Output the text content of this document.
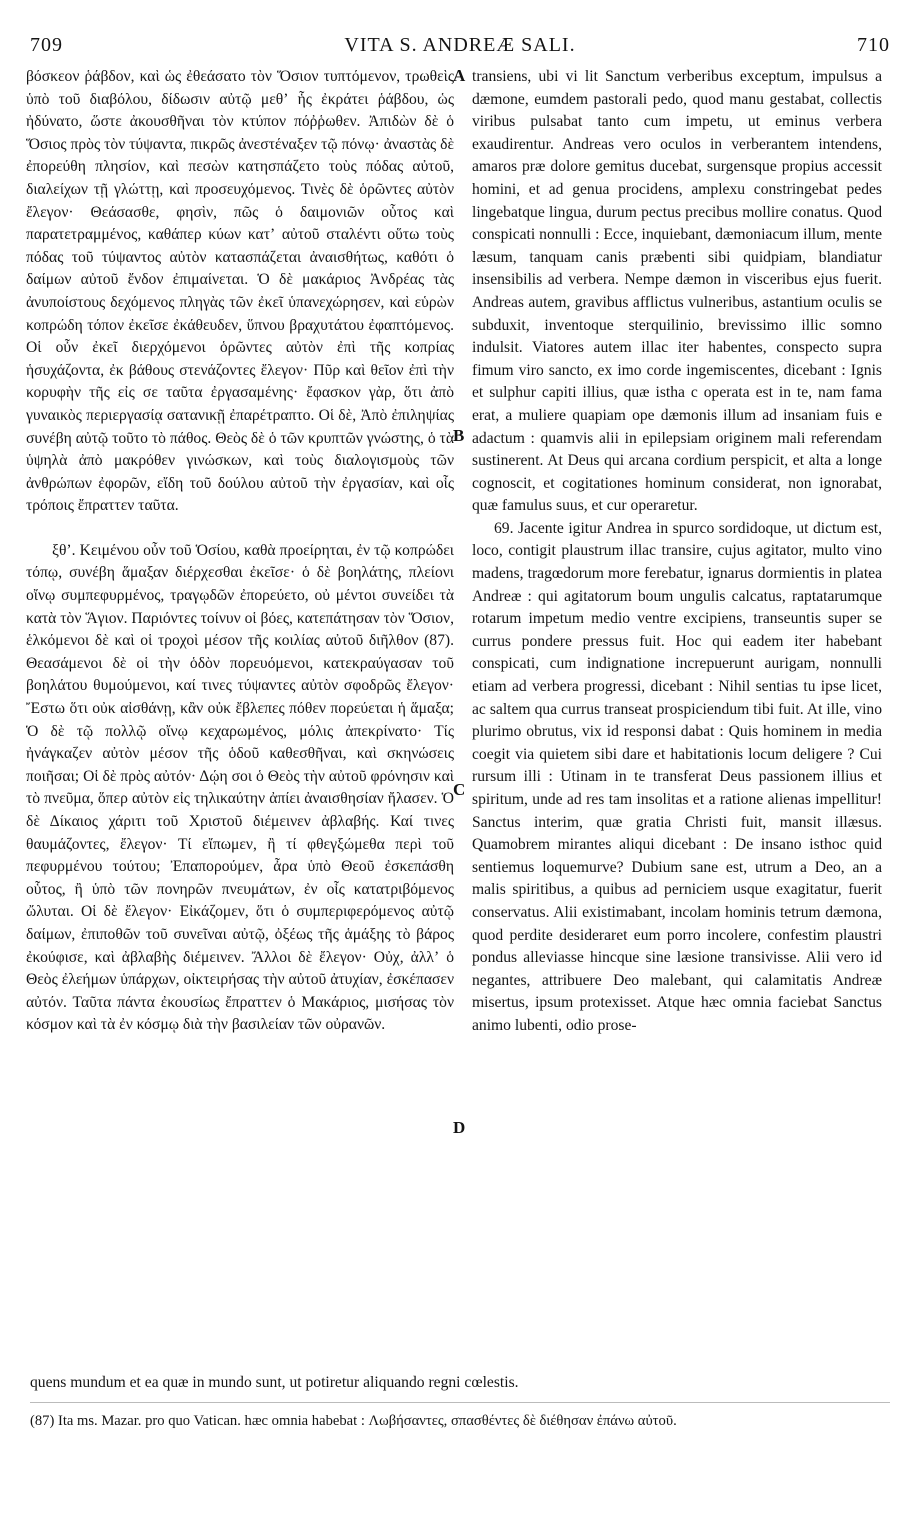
709	VITA S. ANDREÆ SALI.	710

βόσκεον ῥάβδον, καὶ ὡς ἐθεάσατο τὸν Ὅσιον τυπτόμενον, τρωθεὶς ὑπὸ τοῦ διαβόλου, δίδωσιν αὐτῷ μεθʼ ἧς ἐκράτει ῥάβδου, ὡς ἠδύνατο, ὥστε ἀκουσθῆναι τὸν κτύπον πόῤῥωθεν. Ἀπιδὼν δὲ ὁ Ὅσιος πρὸς τὸν τύψαντα, πικρῶς ἀνεστέναξεν τῷ πόνῳ· ἀναστὰς δὲ ἐπορεύθη πλησίον, καὶ πεσὼν κατησπάζετο τοὺς πόδας αὐτοῦ, διαλείχων τῇ γλώττῃ, καὶ προσευχόμενος. Τινὲς δὲ ὁρῶντες αὐτὸν ἔλεγον· Θεάσασθε, φησὶν, πῶς ὁ δαιμονιῶν οὗτος καὶ παρατετραμμένος, καθάπερ κύων κατʼ αὐτοῦ σταλέντι οὕτω τοὺς πόδας τοῦ τύψαντος αὐτὸν κατασπάζεται ἀναισθήτως, καθότι ὁ δαίμων αὐτοῦ ἔνδον ἐπιμαίνεται. Ὁ δὲ μακάριος Ἀνδρέας τὰς ἀνυποίστους δεχόμενος πληγὰς τῶν ἐκεῖ ὑπανεχώρησεν, καὶ εὑρὼν κοπρώδη τόπον ἐκεῖσε ἐκάθευδεν, ὕπνου βραχυτάτου ἐφαπτόμενος. Οἱ οὖν ἐκεῖ διερχόμενοι ὁρῶντες αὐτὸν ἐπὶ τῆς κοπρίας ἡσυχάζοντα, ἐκ βάθους στενάζοντες ἔλεγον· Πῦρ καὶ θεῖον ἐπὶ τὴν κορυφὴν τῆς εἰς σε ταῦτα ἐργασαμένης· ἔφασκον γὰρ, ὅτι ἀπὸ γυναικὸς περιεργασίᾳ σατανικῇ ἐπαρέτραπτο. Οἱ δὲ, Ἀπὸ ἐπιληψίας συνέβη αὐτῷ τοῦτο τὸ πάθος. Θεὸς δὲ ὁ τῶν κρυπτῶν γνώστης, ὁ τὰ ὑψηλὰ ἀπὸ μακρόθεν γινώσκων, καὶ τοὺς διαλογισμοὺς τῶν ἀνθρώπων ἐφορῶν, εἴδη τοῦ δούλου αὐτοῦ τὴν ἐργασίαν, καὶ οἷς τρόποις ἔπραττεν ταῦτα.

ξθʼ. Κειμένου οὖν τοῦ Ὁσίου, καθὰ προείρηται, ἐν τῷ κοπρώδει τόπῳ, συνέβη ἅμαξαν διέρχεσθαι ἐκεῖσε· ὁ δὲ βοηλάτης, πλείονι οἴνῳ συμπεφυρμένος, τραγῳδῶν ἐπορεύετο, οὐ μέντοι συνείδει τὰ κατὰ τὸν Ἅγιον. Παριόντες τοίνυν οἱ βόες, κατεπάτησαν τὸν Ὅσιον, ἑλκόμενοι δὲ καὶ οἱ τροχοὶ μέσον τῆς κοιλίας αὐτοῦ διῆλθον (87). Θεασάμενοι δὲ οἱ τὴν ὁδὸν πορευόμενοι, κατεκραύγασαν τοῦ βοηλάτου θυμούμενοι, καί τινες τύψαντες αὐτὸν σφοδρῶς ἔλεγον· Ἔστω ὅτι οὐκ αἰσθάνῃ, κἂν οὐκ ἔβλεπες πόθεν πορεύεται ἡ ἅμαξα; Ὁ δὲ τῷ πολλῷ οἴνῳ κεχαρωμένος, μόλις ἀπεκρίνατο· Τίς ἠνάγκαζεν αὐτὸν μέσον τῆς ὁδοῦ καθεσθῆναι, καὶ σκηνώσεις ποιῆσαι; Οἱ δὲ πρὸς αὐτόν· Δῴη σοι ὁ Θεὸς τὴν αὐτοῦ φρόνησιν καὶ τὸ πνεῦμα, ὅπερ αὐτὸν εἰς τηλικαύτην ἀπίει ἀναισθησίαν ἤλασεν. Ὁ δὲ Δίκαιος χάριτι τοῦ Χριστοῦ διέμεινεν ἀβλαβής. Καί τινες θαυμάζοντες, ἔλεγον· Τί εἴπωμεν, ἢ τί φθεγξώμεθα περὶ τοῦ πεφυρμένου τούτου; Ἐπαπορούμεν, ἆρα ὑπὸ Θεοῦ ἐσκεπάσθη οὗτος, ἢ ὑπὸ τῶν πονηρῶν πνευμάτων, ἐν οἷς κατατριβόμενος ὤλυται. Οἱ δὲ ἔλεγον· Εἰκάζομεν, ὅτι ὁ συμπεριφερόμενος αὐτῷ δαίμων, ἐπιποθῶν τοῦ συνεῖναι αὐτῷ, ὀξέως τῆς ἁμάξης τὸ βάρος ἐκούφισε, καὶ ἀβλαβὴς διέμεινεν. Ἄλλοι δὲ ἔλεγον· Οὐχ, ἀλλʼ ὁ Θεὸς ἐλεήμων ὑπάρχων, οἰκτειρήσας τὴν αὐτοῦ ἀτυχίαν, ἐσκέπασεν αὐτόν. Ταῦτα πάντα ἐκουσίως ἔπραττεν ὁ Μακάριος, μισήσας τὸν κόσμον καὶ τὰ ἐν κόσμῳ διὰ τὴν βασιλείαν τῶν οὐρανῶν.

A
B
C
D

transiens, ubi vi lit Sanctum verberibus exceptum, impulsus a dæmone, eumdem pastorali pedo, quod manu gestabat, collectis viribus pulsabat tanto cum impetu, ut eminus verbera exaudirentur. Andreas vero oculos in verberantem intendens, amaros præ dolore gemitus ducebat, surgensque propius accessit homini, et ad genua procidens, amplexu constringebat pedes lingebatque lingua, durum pectus precibus mollire conatus. Quod conspicati nonnulli : Ecce, inquiebant, dæmoniacum illum, mente læsum, tanquam canis præbenti sibi quidpiam, blandiatur insensibilis ad verbera. Nempe dæmon in visceribus ejus fuerit. Andreas autem, gravibus afflictus vulneribus, astantium oculis se subduxit, inventoque sterquilinio, brevissimo illic somno indulsit. Viatores autem illac iter habentes, conspecto supra fimum viro sancto, ex imo corde ingemiscentes, dicebant : Ignis et sulphur capiti illius, quæ istha c operata est in te, nam fama erat, a muliere quapiam ope dæmonis illum ad insaniam fuis e adactum : quamvis alii in epilepsiam originem mali referendam sustinerent. At Deus qui arcana cordium perspicit, et alta a longe cognoscit, et cogitationes hominum considerat, non ignorabat, quæ famulus suus, et cur operaretur.

69. Jacente igitur Andrea in spurco sordidoque, ut dictum est, loco, contigit plaustrum illac transire, cujus agitator, multo vino madens, tragœdorum more ferebatur, ignarus dormientis in platea Andreæ : qui agitatorum boum ungulis calcatus, raptatarumque rotarum impetum medio ventre excipiens, transeuntis super se currus pondere pressus fuit. Hoc qui eadem iter habebant conspicati, cum indignatione increpuerunt aurigam, nonnulli etiam ad verbera progressi, dicebant : Nihil sentias tu ipse licet, ac saltem qua currus transeat prospiciendum tibi fuit. At ille, vino plurimo obrutus, vix id responsi dabat : Quis hominem in media coegit via quietem sibi dare et habitationis locum deligere ? Cui rursum illi : Utinam in te transferat Deus passionem illius et spiritum, unde ad res tam insolitas et a ratione alienas impellitur! Sanctus interim, quæ gratia Christi fuit, mansit illæsus. Quamobrem mirantes aliqui dicebant : De insano isthoc quid sentiemus loquemurve? Dubium sane est, utrum a Deo, an a malis spiritibus, a quibus ad perniciem usque exagitatur, fuerit conservatus. Alii existimabant, incolam hominis tetrum dæmona, quod perdite desideraret eum porro incolere, confestim plaustri pondus alleviasse hincque sine læsione transivisse. Alii vero id negantes, attribuere Deo malebant, qui calamitatis Andreæ misertus, ipsum protexisset. Atque hæc omnia faciebat Sanctus animo lubenti, odio prose-

quens mundum et ea quæ in mundo sunt, ut potiretur aliquando regni cœlestis.
(87) Ita ms. Mazar. pro quo Vatican. hæc omnia habebat : Λωβήσαντες, σπασθέντες δὲ διέθησαν ἐπάνω αὐτοῦ.
